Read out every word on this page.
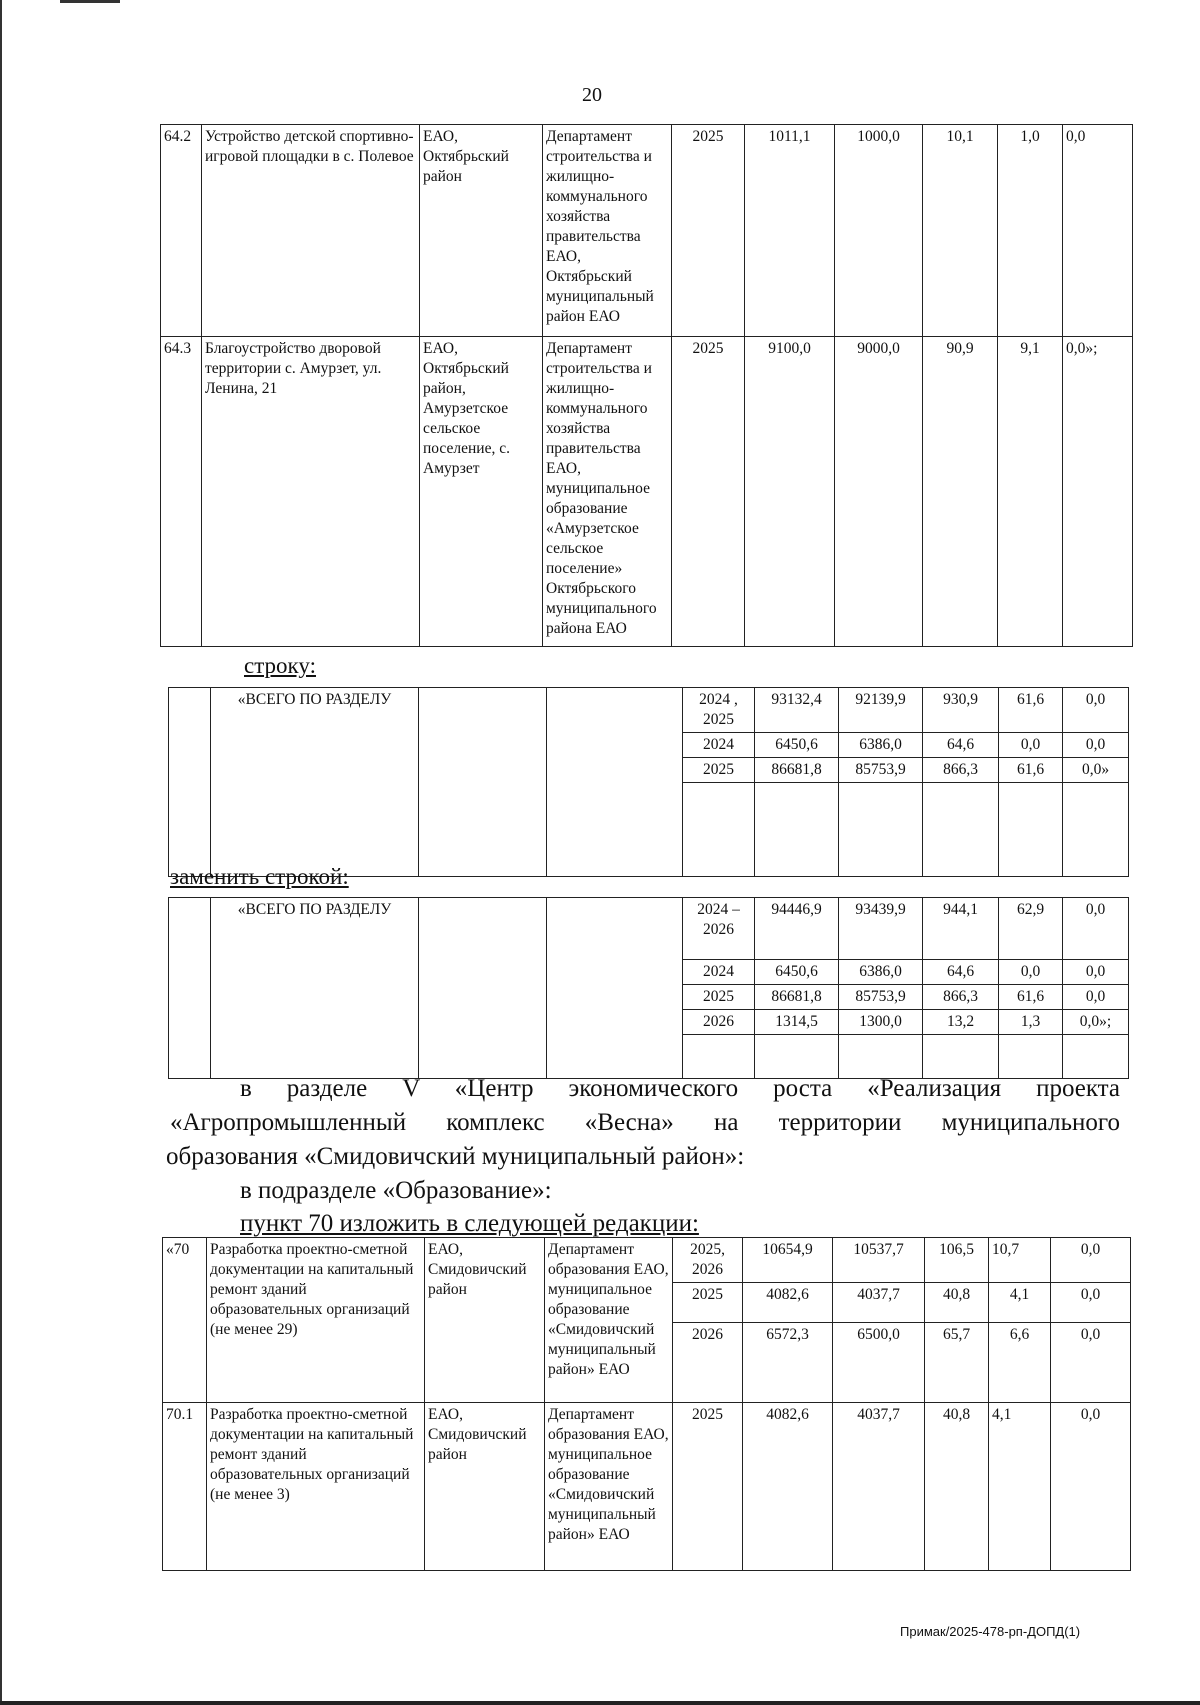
20
64.2	Устройство детской спортивно-игровой площадки в с. Полевое	ЕАО, Октябрьский район	Департамент строительства и жилищно-коммунального хозяйства правительства ЕАО, Октябрьский муниципальный район ЕАО	2025	1011,1	1000,0	10,1	1,0	0,0
64.3	Благоустройство дворовой территории с. Амурзет, ул. Ленина, 21	ЕАО, Октябрьский район, Амурзетское сельское поселение, с. Амурзет	Департамент строительства и жилищно-коммунального хозяйства правительства ЕАО, муниципальное образование «Амурзетское сельское поселение» Октябрьского муниципального района ЕАО	2025	9100,0	9000,0	90,9	9,1	0,0»;
строку:
	«ВСЕГО ПО РАЗДЕЛУ			2024 , 2025	93132,4	92139,9	930,9	61,6	0,0
				2024	6450,6	6386,0	64,6	0,0	0,0
				2025	86681,8	85753,9	866,3	61,6	0,0»

заменить строкой:
	«ВСЕГО ПО РАЗДЕЛУ			2024 – 2026	94446,9	93439,9	944,1	62,9	0,0
				2024	6450,6	6386,0	64,6	0,0	0,0
				2025	86681,8	85753,9	866,3	61,6	0,0
				2026	1314,5	1300,0	13,2	1,3	0,0»;

в разделе V «Центр экономического роста «Реализация проекта
«Агропромышленный комплекс «Весна» на территории муниципального
образования «Смидовичский муниципальный район»:
в подразделе «Образование»:
пункт 70 изложить в следующей редакции:
«70	Разработка проектно-сметной документации на капитальный ремонт зданий образовательных организаций (не менее 29)	ЕАО, Смидовичский район	Департамент образования ЕАО, муниципальное образование «Смидовичский муниципальный район» ЕАО	2025, 2026	10654,9	10537,7	106,5	10,7	0,0
				2025	4082,6	4037,7	40,8	4,1	0,0
				2026	6572,3	6500,0	65,7	6,6	0,0
70.1	Разработка проектно-сметной документации на капитальный ремонт зданий образовательных организаций (не менее 3)	ЕАО, Смидовичский район	Департамент образования ЕАО, муниципальное образование «Смидовичский муниципальный район» ЕАО	2025	4082,6	4037,7	40,8	4,1	0,0
Примак/2025-478-рп-ДОПД(1)
